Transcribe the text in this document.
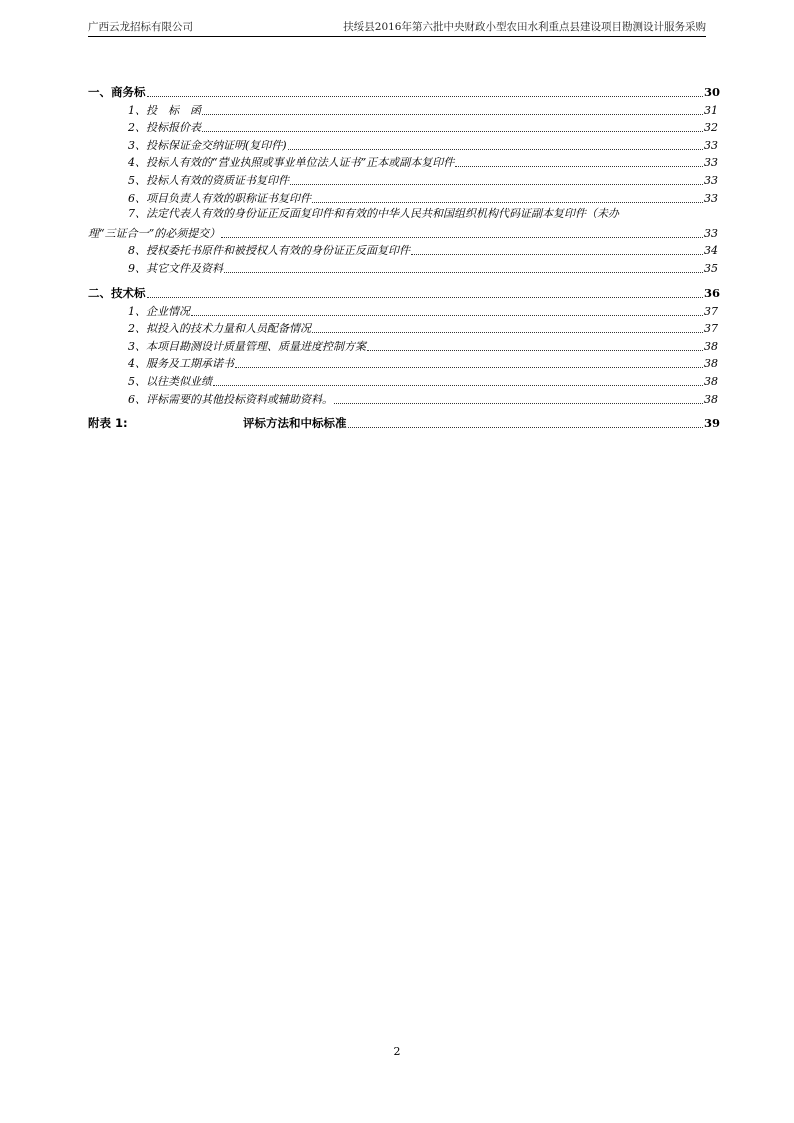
广西云龙招标有限公司	扶绥县2016年第六批中央财政小型农田水利重点县建设项目勘测设计服务采购
一、商务标	30
1、投　标　函	31
2、投标报价表	32
3、投标保证金交纳证明(复印件)	33
4、投标人有效的“营业执照或事业单位法人证书”正本或副本复印件	33
5、投标人有效的资质证书复印件	33
6、项目负责人有效的职称证书复印件	33
7、法定代表人有效的身份证正反面复印件和有效的中华人民共和国组织机构代码证副本复印件（未办
理“三证合一”的必须提交）	33
8、授权委托书原件和被授权人有效的身份证正反面复印件	34
9、其它文件及资料	35
二、技术标	36
1、企业情况	37
2、拟投入的技术力量和人员配备情况	37
3、本项目勘测设计质量管理、质量进度控制方案	38
4、服务及工期承诺书	38
5、以往类似业绩	38
6、评标需要的其他投标资料或辅助资料。	38
附表 1:	评标方法和中标标准	39
2
